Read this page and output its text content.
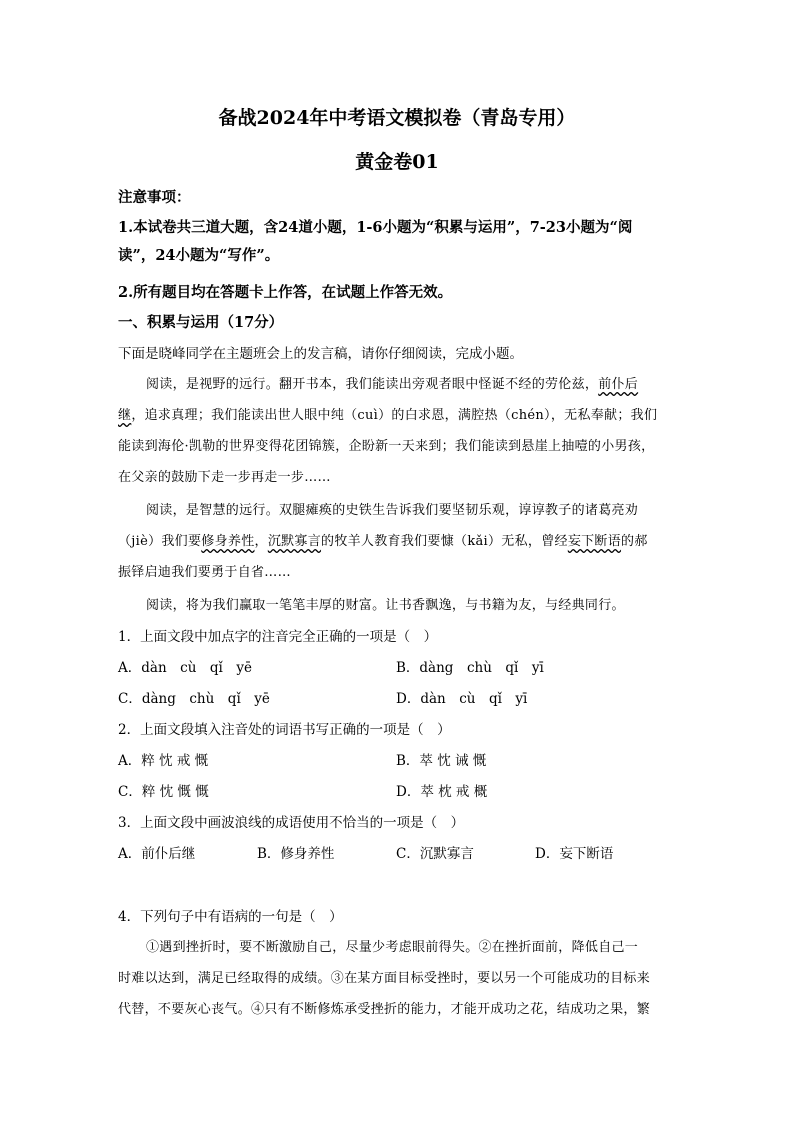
备战2024年中考语文模拟卷（青岛专用）
黄金卷01
注意事项：
1.本试卷共三道大题，含24道小题，1-6小题为“积累与运用”，7-23小题为“阅
读”，24小题为“写作”。
2.所有题目均在答题卡上作答，在试题上作答无效。
一、积累与运用（17分）
下面是晓峰同学在主题班会上的发言稿，请你仔细阅读，完成小题。
阅读，是视野的远行。翻开书本，我们能读出旁观者眼中怪诞不经的劳伦兹，前仆后
继，追求真理；我们能读出世人眼中纯（cuì）的白求恩，满腔热（chén），无私奉献；我们
能读到海伦·凯勒的世界变得花团锦簇，企盼新一天来到；我们能读到悬崖上抽噎的小男孩，
在父亲的鼓励下走一步再走一步……
阅读，是智慧的远行。双腿瘫痪的史铁生告诉我们要坚韧乐观，谆谆教子的诸葛亮劝
（jiè）我们要修身养性，沉默寡言的牧羊人教育我们要慷（kǎi）无私，曾经妄下断语的郝
振铎启迪我们要勇于自省……
阅读，将为我们赢取一笔笔丰厚的财富。让书香飘逸，与书籍为友，与经典同行。
1．上面文段中加点字的注音完全正确的一项是（　）
A．dàn　cù　qǐ　yē	B．dàng　chù　qǐ　yī
C．dàng　chù　qǐ　yē	D．dàn　cù　qǐ　yī
2．上面文段填入注音处的词语书写正确的一项是（　）
A．粹 忱 戒 慨	B．萃 忱 诫 慨
C．粹 忱 慨 慨	D．萃 枕 戒 概
3．上面文段中画波浪线的成语使用不恰当的一项是（　）
A．前仆后继	B．修身养性	C．沉默寡言	D．妄下断语
4．下列句子中有语病的一句是（　）
①遇到挫折时，要不断激励自己，尽量少考虑眼前得失。②在挫折面前，降低自己一
时难以达到，满足已经取得的成绩。③在某方面目标受挫时，要以另一个可能成功的目标来
代替，不要灰心丧气。④只有不断修炼承受挫折的能力，才能开成功之花，结成功之果，繁
